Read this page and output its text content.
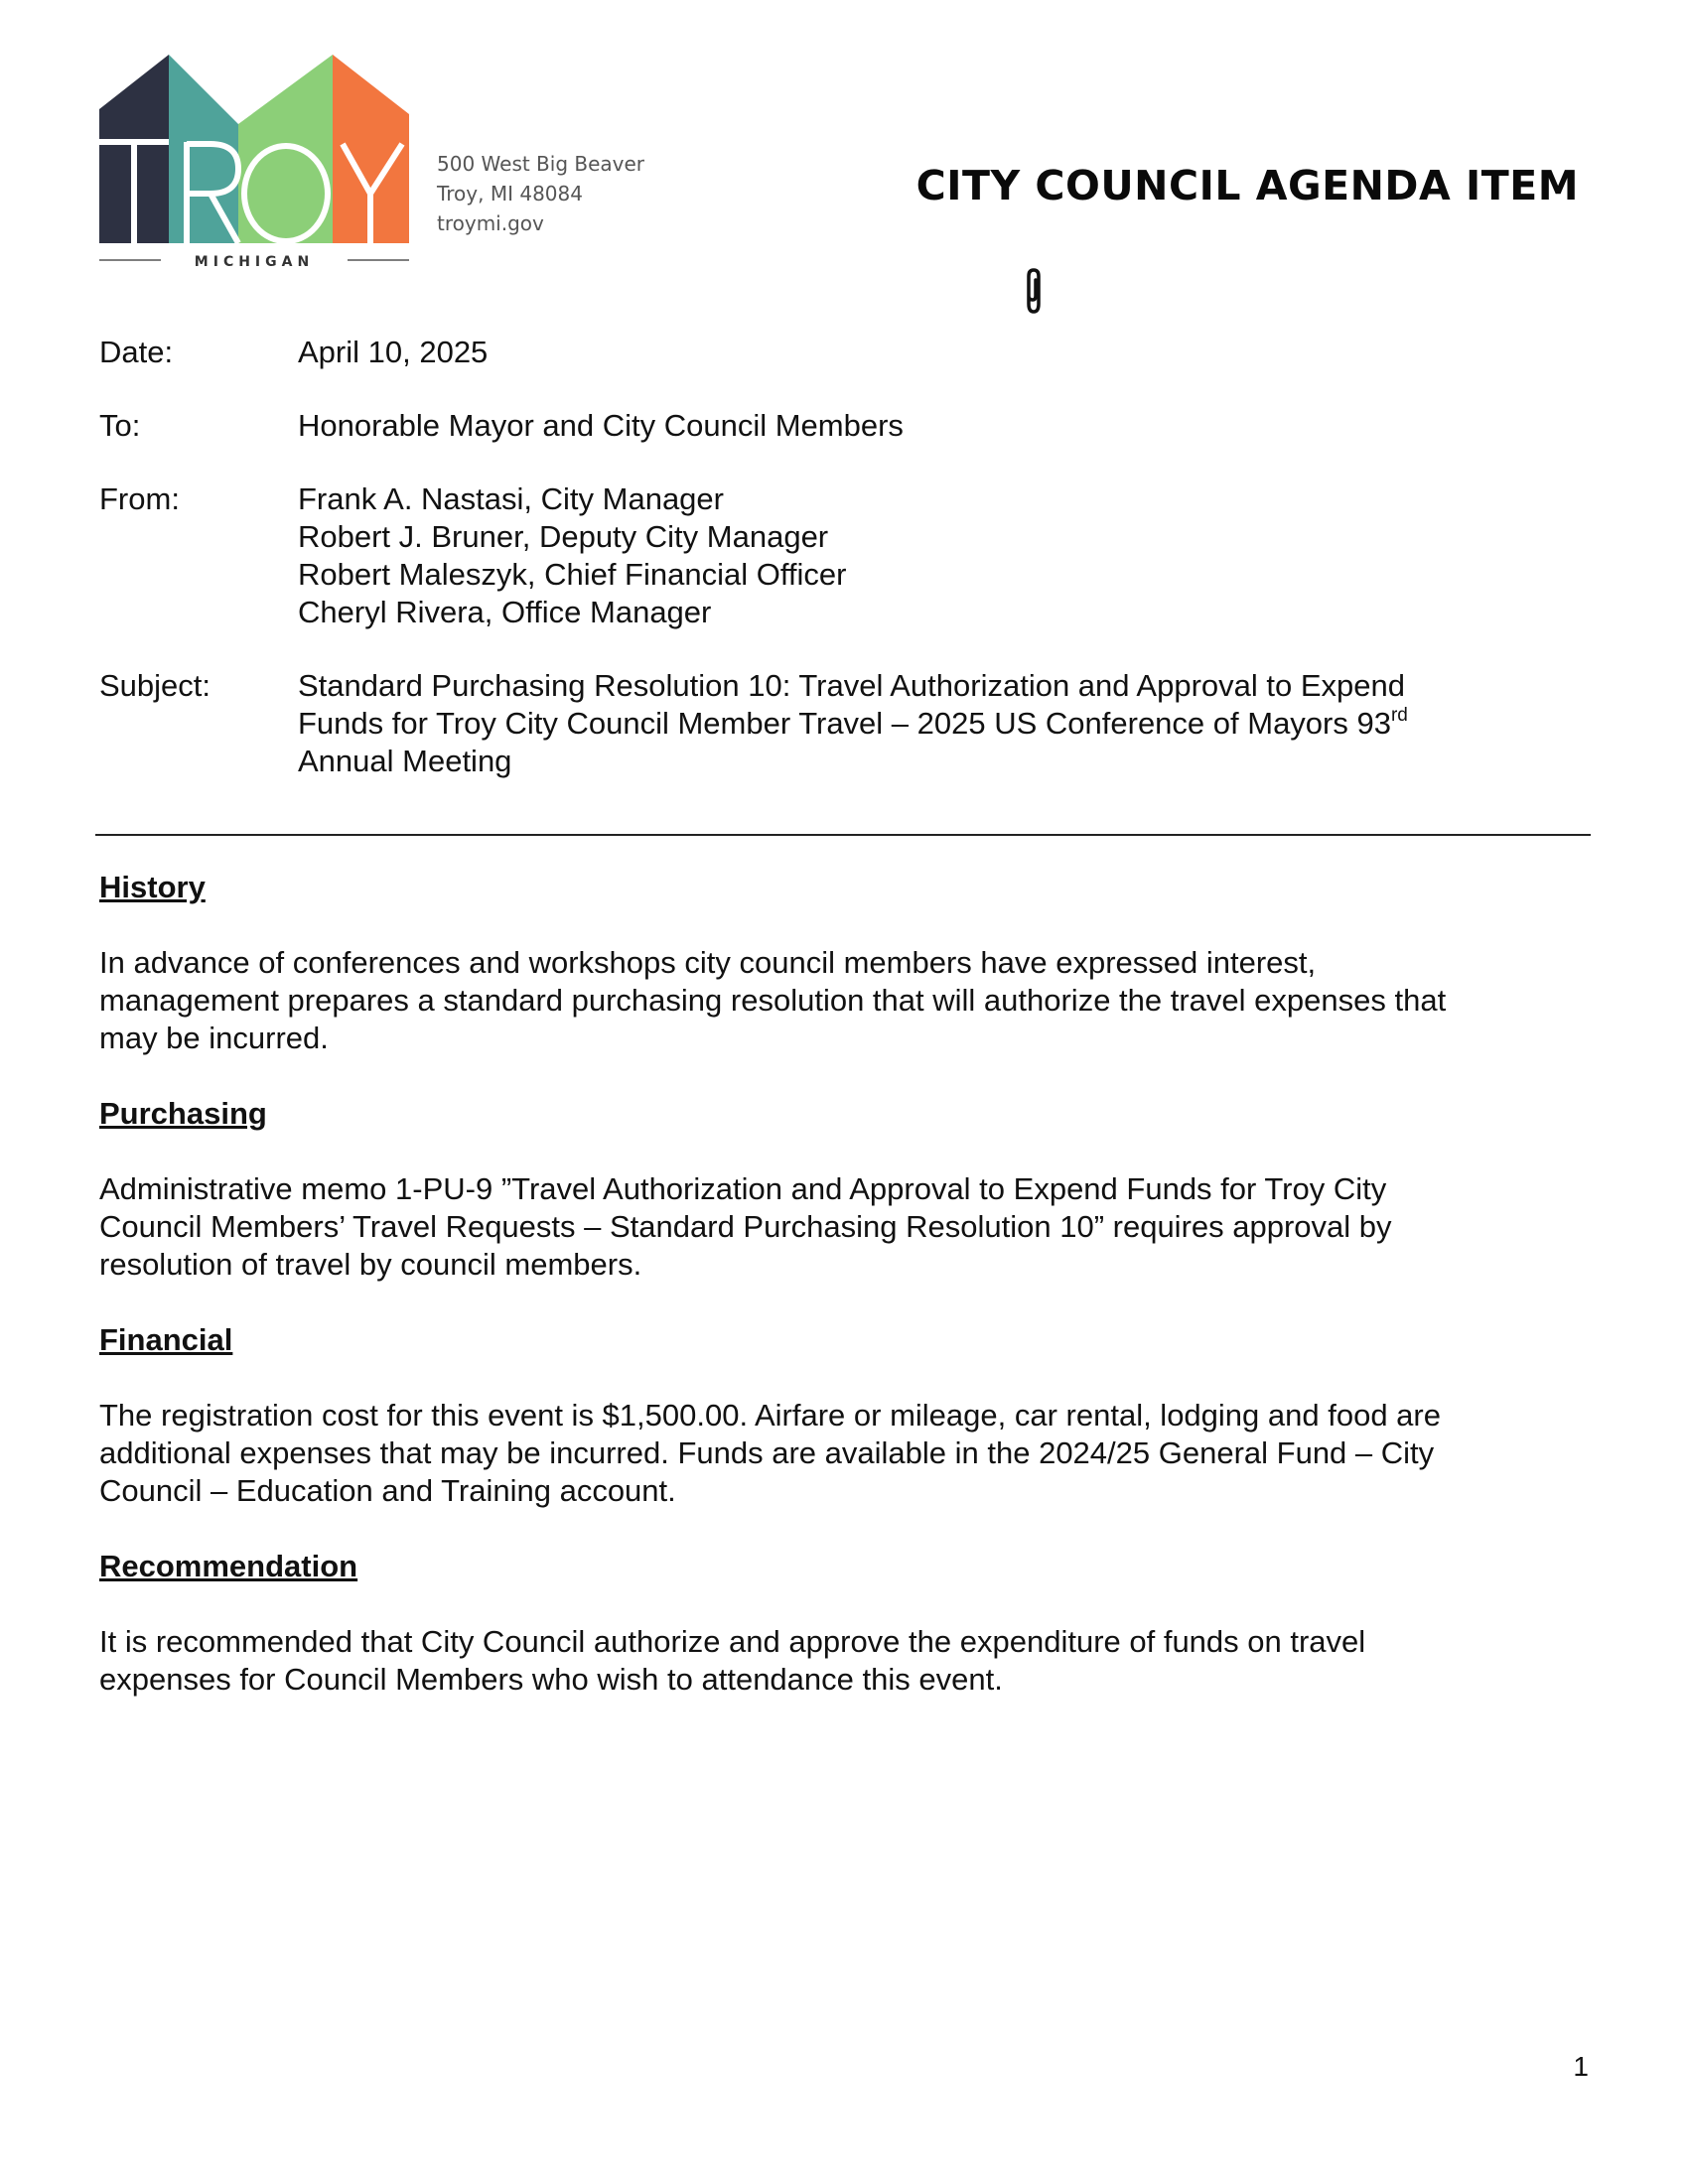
MICHIGAN
500 West Big Beaver
Troy, MI 48084
troymi.gov
CITY COUNCIL AGENDA ITEM
Date:	April 10, 2025
To:	Honorable Mayor and City Council Members
From:	Frank A. Nastasi, City Manager
Robert J. Bruner, Deputy City Manager
Robert Maleszyk, Chief Financial Officer
Cheryl Rivera, Office Manager
Subject:	Standard Purchasing Resolution 10: Travel Authorization and Approval to Expend
Funds for Troy City Council Member Travel – 2025 US Conference of Mayors 93rd
Annual Meeting
History
In advance of conferences and workshops city council members have expressed interest,
management prepares a standard purchasing resolution that will authorize the travel expenses that
may be incurred.
Purchasing
Administrative memo 1-PU-9 ”Travel Authorization and Approval to Expend Funds for Troy City
Council Members’ Travel Requests – Standard Purchasing Resolution 10” requires approval by
resolution of travel by council members.
Financial
The registration cost for this event is $1,500.00. Airfare or mileage, car rental, lodging and food are
additional expenses that may be incurred. Funds are available in the 2024/25 General Fund – City
Council – Education and Training account.
Recommendation
It is recommended that City Council authorize and approve the expenditure of funds on travel
expenses for Council Members who wish to attendance this event.
1
